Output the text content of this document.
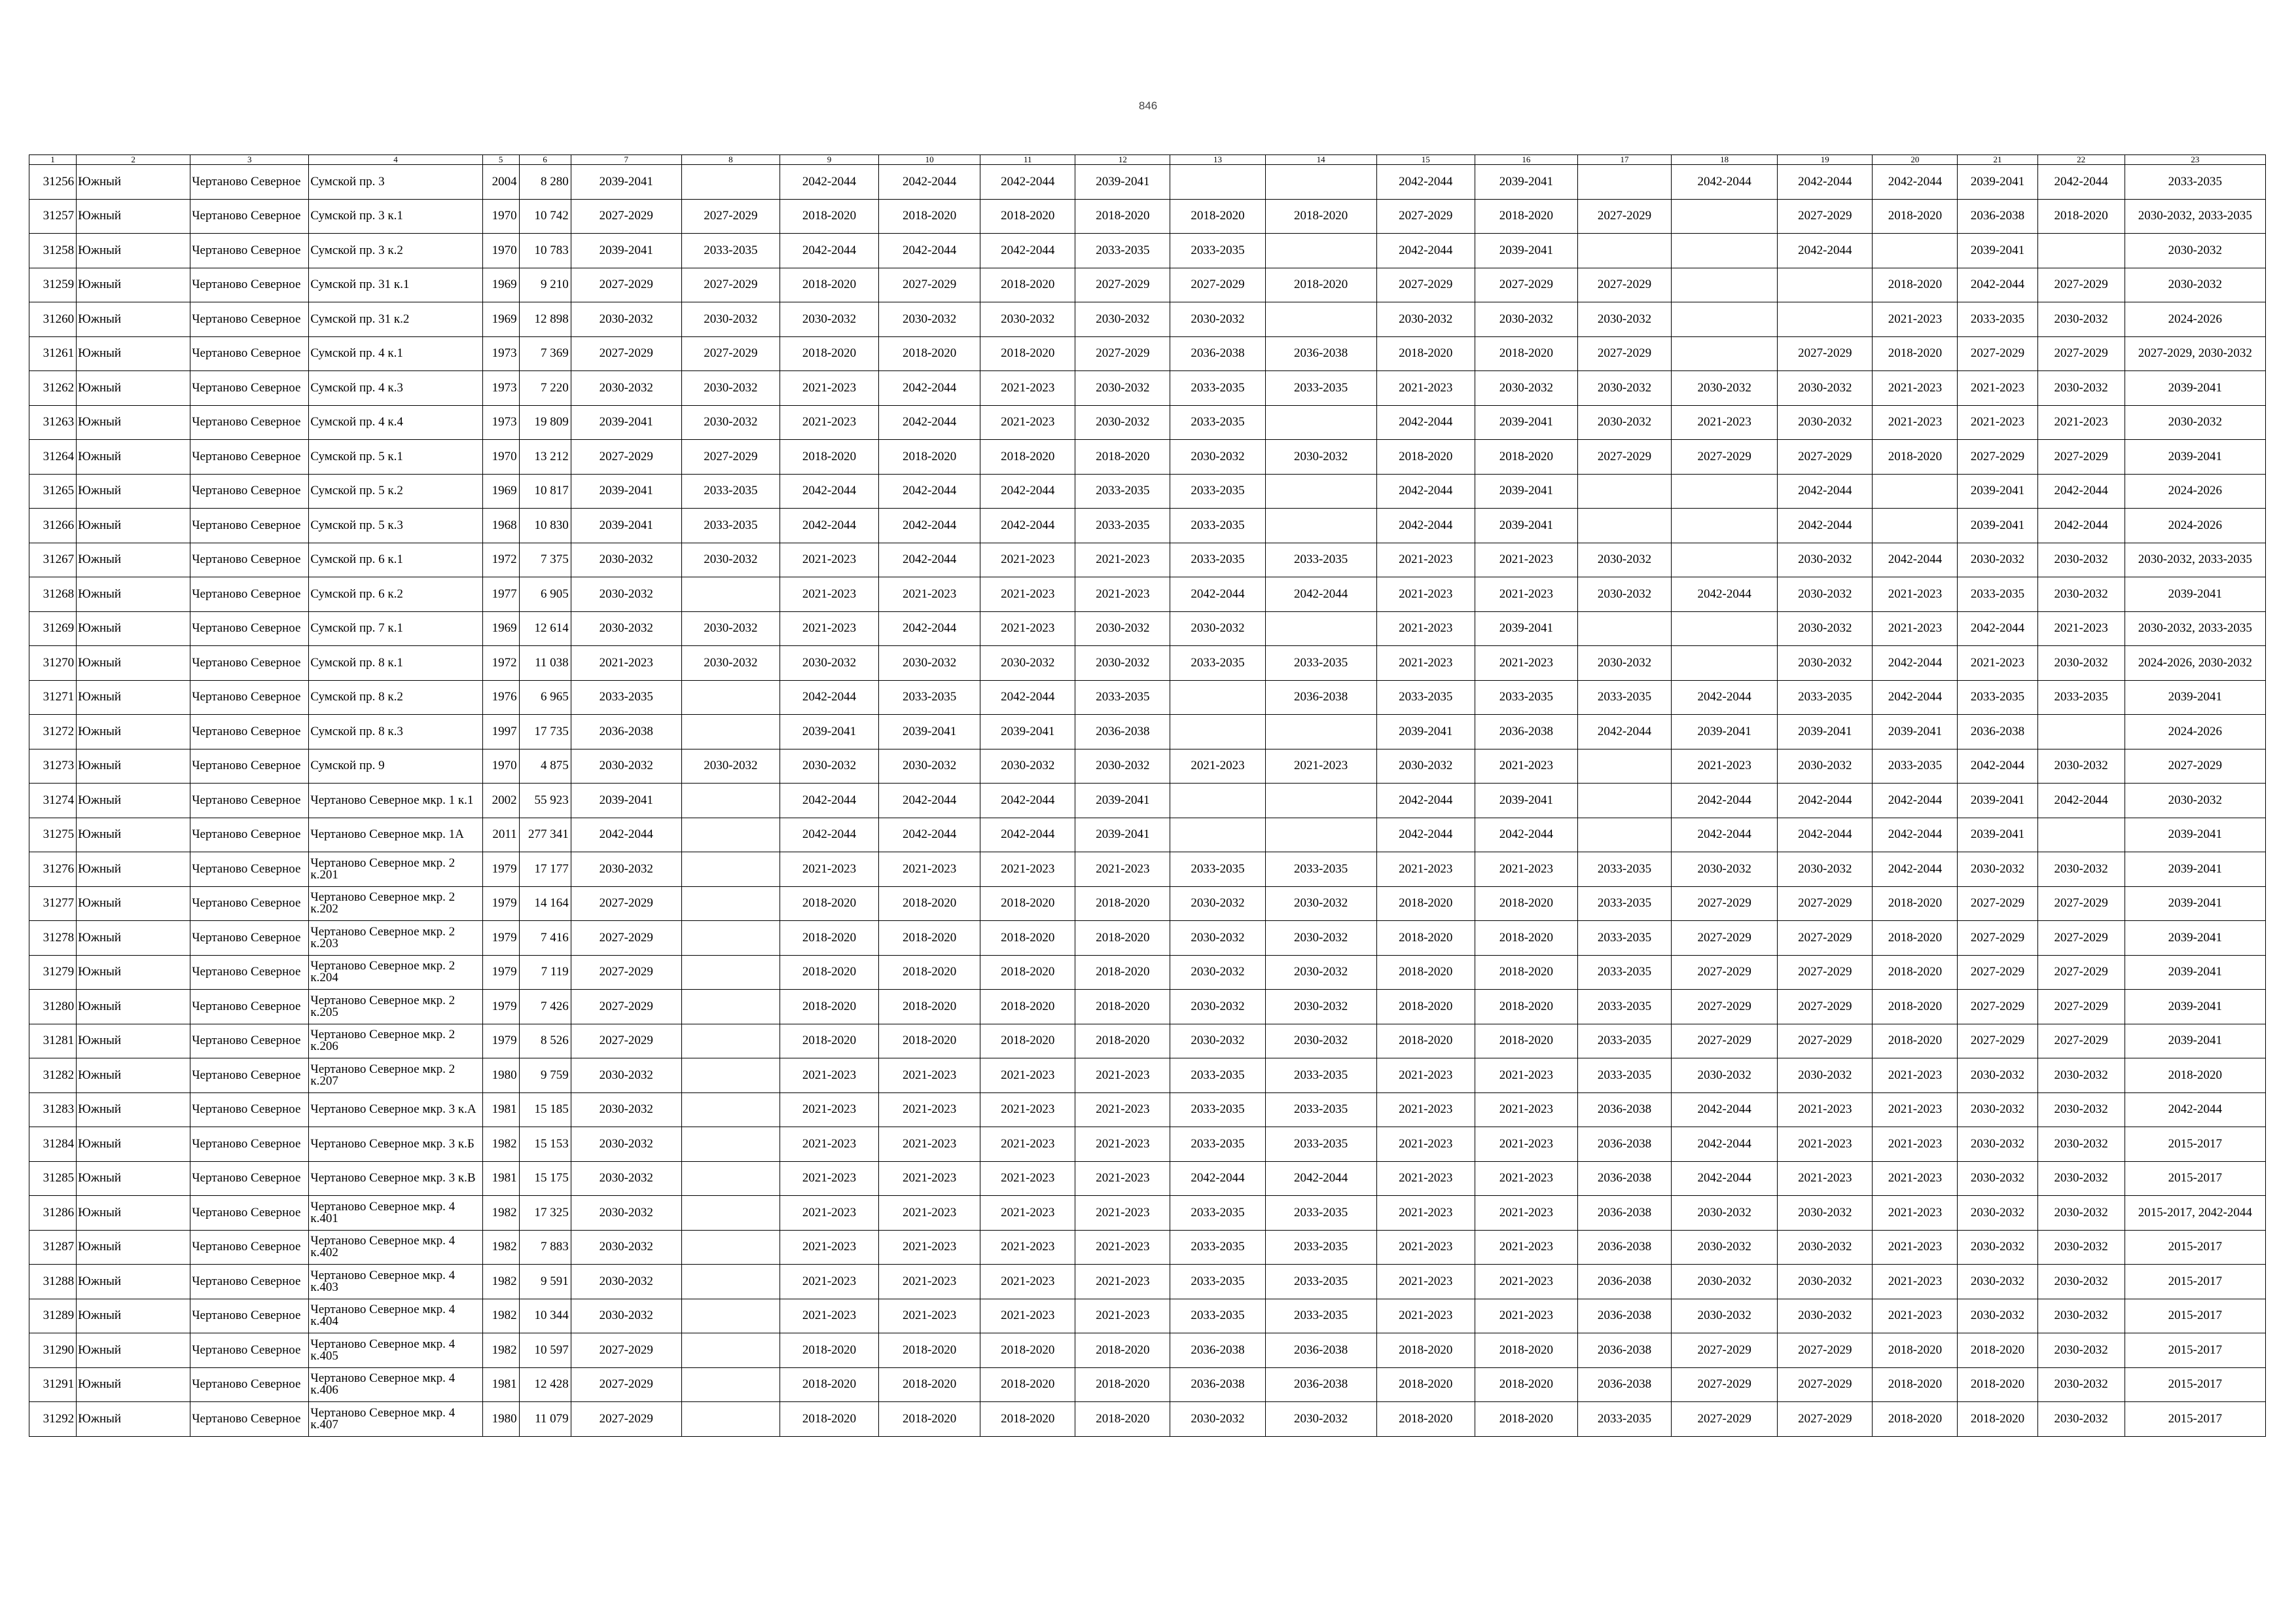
846
1	2	3	4	5	6	7	8	9	10	11	12	13	14	15	16	17	18	19	20	21	22	23
31256	Южный	Чертаново Северное	Сумской пр. 3	2004	8 280	2039-2041		2042-2044	2042-2044	2042-2044	2039-2041			2042-2044	2039-2041		2042-2044	2042-2044	2042-2044	2039-2041	2042-2044	2033-2035
31257	Южный	Чертаново Северное	Сумской пр. 3 к.1	1970	10 742	2027-2029	2027-2029	2018-2020	2018-2020	2018-2020	2018-2020	2018-2020	2018-2020	2027-2029	2018-2020	2027-2029		2027-2029	2018-2020	2036-2038	2018-2020	2030-2032, 2033-2035
31258	Южный	Чертаново Северное	Сумской пр. 3 к.2	1970	10 783	2039-2041	2033-2035	2042-2044	2042-2044	2042-2044	2033-2035	2033-2035		2042-2044	2039-2041			2042-2044		2039-2041		2030-2032
31259	Южный	Чертаново Северное	Сумской пр. 31 к.1	1969	9 210	2027-2029	2027-2029	2018-2020	2027-2029	2018-2020	2027-2029	2027-2029	2018-2020	2027-2029	2027-2029	2027-2029			2018-2020	2042-2044	2027-2029	2030-2032
31260	Южный	Чертаново Северное	Сумской пр. 31 к.2	1969	12 898	2030-2032	2030-2032	2030-2032	2030-2032	2030-2032	2030-2032	2030-2032		2030-2032	2030-2032	2030-2032			2021-2023	2033-2035	2030-2032	2024-2026
31261	Южный	Чертаново Северное	Сумской пр. 4 к.1	1973	7 369	2027-2029	2027-2029	2018-2020	2018-2020	2018-2020	2027-2029	2036-2038	2036-2038	2018-2020	2018-2020	2027-2029		2027-2029	2018-2020	2027-2029	2027-2029	2027-2029, 2030-2032
31262	Южный	Чертаново Северное	Сумской пр. 4 к.3	1973	7 220	2030-2032	2030-2032	2021-2023	2042-2044	2021-2023	2030-2032	2033-2035	2033-2035	2021-2023	2030-2032	2030-2032	2030-2032	2030-2032	2021-2023	2021-2023	2030-2032	2039-2041
31263	Южный	Чертаново Северное	Сумской пр. 4 к.4	1973	19 809	2039-2041	2030-2032	2021-2023	2042-2044	2021-2023	2030-2032	2033-2035		2042-2044	2039-2041	2030-2032	2021-2023	2030-2032	2021-2023	2021-2023	2021-2023	2030-2032
31264	Южный	Чертаново Северное	Сумской пр. 5 к.1	1970	13 212	2027-2029	2027-2029	2018-2020	2018-2020	2018-2020	2018-2020	2030-2032	2030-2032	2018-2020	2018-2020	2027-2029	2027-2029	2027-2029	2018-2020	2027-2029	2027-2029	2039-2041
31265	Южный	Чертаново Северное	Сумской пр. 5 к.2	1969	10 817	2039-2041	2033-2035	2042-2044	2042-2044	2042-2044	2033-2035	2033-2035		2042-2044	2039-2041			2042-2044		2039-2041	2042-2044	2024-2026
31266	Южный	Чертаново Северное	Сумской пр. 5 к.3	1968	10 830	2039-2041	2033-2035	2042-2044	2042-2044	2042-2044	2033-2035	2033-2035		2042-2044	2039-2041			2042-2044		2039-2041	2042-2044	2024-2026
31267	Южный	Чертаново Северное	Сумской пр. 6 к.1	1972	7 375	2030-2032	2030-2032	2021-2023	2042-2044	2021-2023	2021-2023	2033-2035	2033-2035	2021-2023	2021-2023	2030-2032		2030-2032	2042-2044	2030-2032	2030-2032	2030-2032, 2033-2035
31268	Южный	Чертаново Северное	Сумской пр. 6 к.2	1977	6 905	2030-2032		2021-2023	2021-2023	2021-2023	2021-2023	2042-2044	2042-2044	2021-2023	2021-2023	2030-2032	2042-2044	2030-2032	2021-2023	2033-2035	2030-2032	2039-2041
31269	Южный	Чертаново Северное	Сумской пр. 7 к.1	1969	12 614	2030-2032	2030-2032	2021-2023	2042-2044	2021-2023	2030-2032	2030-2032		2021-2023	2039-2041			2030-2032	2021-2023	2042-2044	2021-2023	2030-2032, 2033-2035
31270	Южный	Чертаново Северное	Сумской пр. 8 к.1	1972	11 038	2021-2023	2030-2032	2030-2032	2030-2032	2030-2032	2030-2032	2033-2035	2033-2035	2021-2023	2021-2023	2030-2032		2030-2032	2042-2044	2021-2023	2030-2032	2024-2026, 2030-2032
31271	Южный	Чертаново Северное	Сумской пр. 8 к.2	1976	6 965	2033-2035		2042-2044	2033-2035	2042-2044	2033-2035		2036-2038	2033-2035	2033-2035	2033-2035	2042-2044	2033-2035	2042-2044	2033-2035	2033-2035	2039-2041
31272	Южный	Чертаново Северное	Сумской пр. 8 к.3	1997	17 735	2036-2038		2039-2041	2039-2041	2039-2041	2036-2038			2039-2041	2036-2038	2042-2044	2039-2041	2039-2041	2039-2041	2036-2038		2024-2026
31273	Южный	Чертаново Северное	Сумской пр. 9	1970	4 875	2030-2032	2030-2032	2030-2032	2030-2032	2030-2032	2030-2032	2021-2023	2021-2023	2030-2032	2021-2023		2021-2023	2030-2032	2033-2035	2042-2044	2030-2032	2027-2029
31274	Южный	Чертаново Северное	Чертаново Северное мкр. 1 к.1	2002	55 923	2039-2041		2042-2044	2042-2044	2042-2044	2039-2041			2042-2044	2039-2041		2042-2044	2042-2044	2042-2044	2039-2041	2042-2044	2030-2032
31275	Южный	Чертаново Северное	Чертаново Северное мкр. 1А	2011	277 341	2042-2044		2042-2044	2042-2044	2042-2044	2039-2041			2042-2044	2042-2044		2042-2044	2042-2044	2042-2044	2039-2041		2039-2041
31276	Южный	Чертаново Северное	Чертаново Северное мкр. 2 к.201	1979	17 177	2030-2032		2021-2023	2021-2023	2021-2023	2021-2023	2033-2035	2033-2035	2021-2023	2021-2023	2033-2035	2030-2032	2030-2032	2042-2044	2030-2032	2030-2032	2039-2041
31277	Южный	Чертаново Северное	Чертаново Северное мкр. 2 к.202	1979	14 164	2027-2029		2018-2020	2018-2020	2018-2020	2018-2020	2030-2032	2030-2032	2018-2020	2018-2020	2033-2035	2027-2029	2027-2029	2018-2020	2027-2029	2027-2029	2039-2041
31278	Южный	Чертаново Северное	Чертаново Северное мкр. 2 к.203	1979	7 416	2027-2029		2018-2020	2018-2020	2018-2020	2018-2020	2030-2032	2030-2032	2018-2020	2018-2020	2033-2035	2027-2029	2027-2029	2018-2020	2027-2029	2027-2029	2039-2041
31279	Южный	Чертаново Северное	Чертаново Северное мкр. 2 к.204	1979	7 119	2027-2029		2018-2020	2018-2020	2018-2020	2018-2020	2030-2032	2030-2032	2018-2020	2018-2020	2033-2035	2027-2029	2027-2029	2018-2020	2027-2029	2027-2029	2039-2041
31280	Южный	Чертаново Северное	Чертаново Северное мкр. 2 к.205	1979	7 426	2027-2029		2018-2020	2018-2020	2018-2020	2018-2020	2030-2032	2030-2032	2018-2020	2018-2020	2033-2035	2027-2029	2027-2029	2018-2020	2027-2029	2027-2029	2039-2041
31281	Южный	Чертаново Северное	Чертаново Северное мкр. 2 к.206	1979	8 526	2027-2029		2018-2020	2018-2020	2018-2020	2018-2020	2030-2032	2030-2032	2018-2020	2018-2020	2033-2035	2027-2029	2027-2029	2018-2020	2027-2029	2027-2029	2039-2041
31282	Южный	Чертаново Северное	Чертаново Северное мкр. 2 к.207	1980	9 759	2030-2032		2021-2023	2021-2023	2021-2023	2021-2023	2033-2035	2033-2035	2021-2023	2021-2023	2033-2035	2030-2032	2030-2032	2021-2023	2030-2032	2030-2032	2018-2020
31283	Южный	Чертаново Северное	Чертаново Северное мкр. 3 к.А	1981	15 185	2030-2032		2021-2023	2021-2023	2021-2023	2021-2023	2033-2035	2033-2035	2021-2023	2021-2023	2036-2038	2042-2044	2021-2023	2021-2023	2030-2032	2030-2032	2042-2044
31284	Южный	Чертаново Северное	Чертаново Северное мкр. 3 к.Б	1982	15 153	2030-2032		2021-2023	2021-2023	2021-2023	2021-2023	2033-2035	2033-2035	2021-2023	2021-2023	2036-2038	2042-2044	2021-2023	2021-2023	2030-2032	2030-2032	2015-2017
31285	Южный	Чертаново Северное	Чертаново Северное мкр. 3 к.В	1981	15 175	2030-2032		2021-2023	2021-2023	2021-2023	2021-2023	2042-2044	2042-2044	2021-2023	2021-2023	2036-2038	2042-2044	2021-2023	2021-2023	2030-2032	2030-2032	2015-2017
31286	Южный	Чертаново Северное	Чертаново Северное мкр. 4 к.401	1982	17 325	2030-2032		2021-2023	2021-2023	2021-2023	2021-2023	2033-2035	2033-2035	2021-2023	2021-2023	2036-2038	2030-2032	2030-2032	2021-2023	2030-2032	2030-2032	2015-2017, 2042-2044
31287	Южный	Чертаново Северное	Чертаново Северное мкр. 4 к.402	1982	7 883	2030-2032		2021-2023	2021-2023	2021-2023	2021-2023	2033-2035	2033-2035	2021-2023	2021-2023	2036-2038	2030-2032	2030-2032	2021-2023	2030-2032	2030-2032	2015-2017
31288	Южный	Чертаново Северное	Чертаново Северное мкр. 4 к.403	1982	9 591	2030-2032		2021-2023	2021-2023	2021-2023	2021-2023	2033-2035	2033-2035	2021-2023	2021-2023	2036-2038	2030-2032	2030-2032	2021-2023	2030-2032	2030-2032	2015-2017
31289	Южный	Чертаново Северное	Чертаново Северное мкр. 4 к.404	1982	10 344	2030-2032		2021-2023	2021-2023	2021-2023	2021-2023	2033-2035	2033-2035	2021-2023	2021-2023	2036-2038	2030-2032	2030-2032	2021-2023	2030-2032	2030-2032	2015-2017
31290	Южный	Чертаново Северное	Чертаново Северное мкр. 4 к.405	1982	10 597	2027-2029		2018-2020	2018-2020	2018-2020	2018-2020	2036-2038	2036-2038	2018-2020	2018-2020	2036-2038	2027-2029	2027-2029	2018-2020	2018-2020	2030-2032	2015-2017
31291	Южный	Чертаново Северное	Чертаново Северное мкр. 4 к.406	1981	12 428	2027-2029		2018-2020	2018-2020	2018-2020	2018-2020	2036-2038	2036-2038	2018-2020	2018-2020	2036-2038	2027-2029	2027-2029	2018-2020	2018-2020	2030-2032	2015-2017
31292	Южный	Чертаново Северное	Чертаново Северное мкр. 4 к.407	1980	11 079	2027-2029		2018-2020	2018-2020	2018-2020	2018-2020	2030-2032	2030-2032	2018-2020	2018-2020	2033-2035	2027-2029	2027-2029	2018-2020	2018-2020	2030-2032	2015-2017
